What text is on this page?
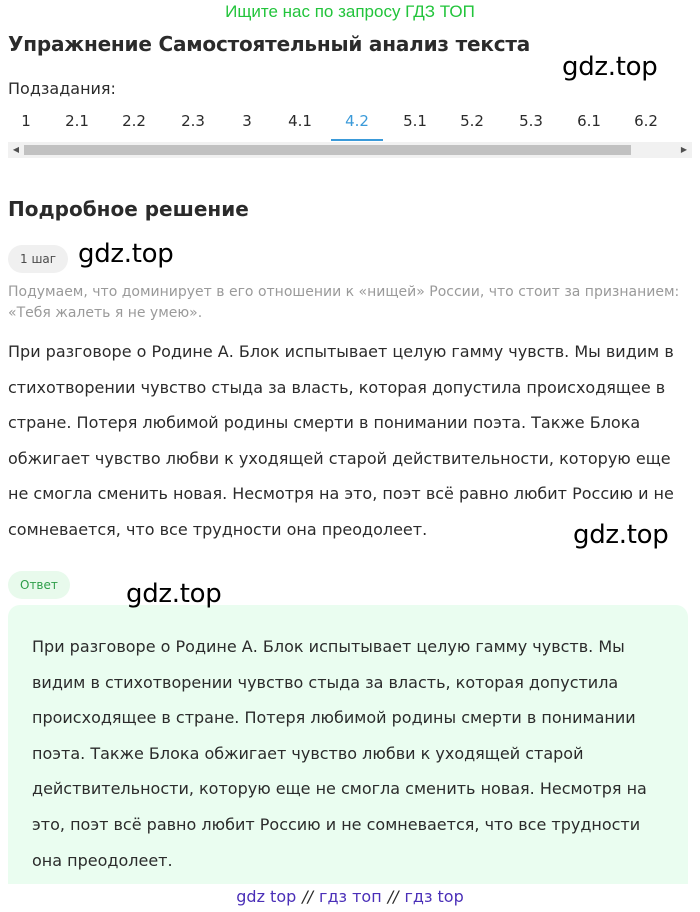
Ищите нас по запросу ГДЗ ТОП
Упражнение Самостоятельный анализ текста
gdz.top
Подзадания:
1	2.1	2.2	2.3	3	4.1	4.2	5.1	5.2	5.3	6.1	6.2
◀	▶
Подробное решение
1 шаг gdz.top

Подумаем, что доминирует в его отношении к «нищей» России, что стоит за признанием: «Тебя жалеть я не умею».

При разговоре о Родине А. Блок испытывает целую гамму чувств. Мы видим в стихотворении чувство стыда за власть, которая допустила происходящее в стране. Потеря любимой родины смерти в понимании поэта. Также Блока обжигает чувство любви к уходящей старой действительности, которую еще не смогла сменить новая. Несмотря на это, поэт всё равно любит Россию и не сомневается, что все трудности она преодолеет.	gdz.top
Ответ

При разговоре о Родине А. Блок испытывает целую гамму чувств. Мы видим в стихотворении чувство стыда за власть, которая допустила происходящее в стране. Потеря любимой родины смерти в понимании поэта. Также Блока обжигает чувство любви к уходящей старой действительности, которую еще не смогла сменить новая. Несмотря на это, поэт всё равно любит Россию и не сомневается, что все трудности она преодолеет.

gdz.top
gdz top // гдз топ // гдз top
